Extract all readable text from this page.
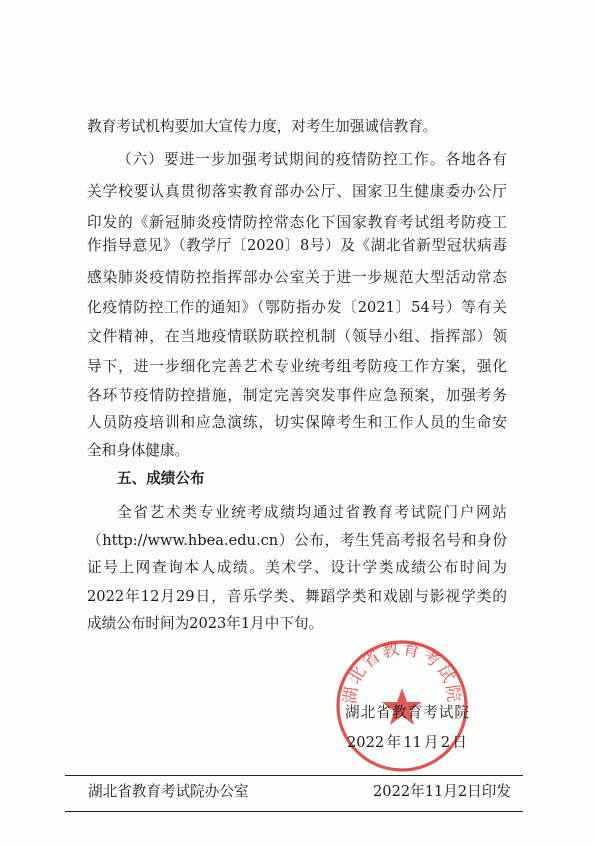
教育考试机构要加大宣传力度，对考生加强诚信教育。
（六）要进一步加强考试期间的疫情防控工作。各地各有
关学校要认真贯彻落实教育部办公厅、国家卫生健康委办公厅
印发的《新冠肺炎疫情防控常态化下国家教育考试组考防疫工
作指导意见》（教学厅〔2020〕8号）及《湖北省新型冠状病毒
感染肺炎疫情防控指挥部办公室关于进一步规范大型活动常态
化疫情防控工作的通知》（鄂防指办发〔2021〕54号）等有关
文件精神，在当地疫情联防联控机制（领导小组、指挥部）领
导下，进一步细化完善艺术专业统考组考防疫工作方案，强化
各环节疫情防控措施，制定完善突发事件应急预案，加强考务
人员防疫培训和应急演练，切实保障考生和工作人员的生命安
全和身体健康。
五、成绩公布
全省艺术类专业统考成绩均通过省教育考试院门户网站
（http://www.hbea.edu.cn）公布，考生凭高考报名号和身份
证号上网查询本人成绩。美术学、设计学类成绩公布时间为
2022年12月29日，音乐学类、舞蹈学类和戏剧与影视学类的
成绩公布时间为2023年1月中下旬。
湖北省教育考试院
湖北省教育考试院
2022年11月2日
湖北省教育考试院办公室	2022年11月2日印发
